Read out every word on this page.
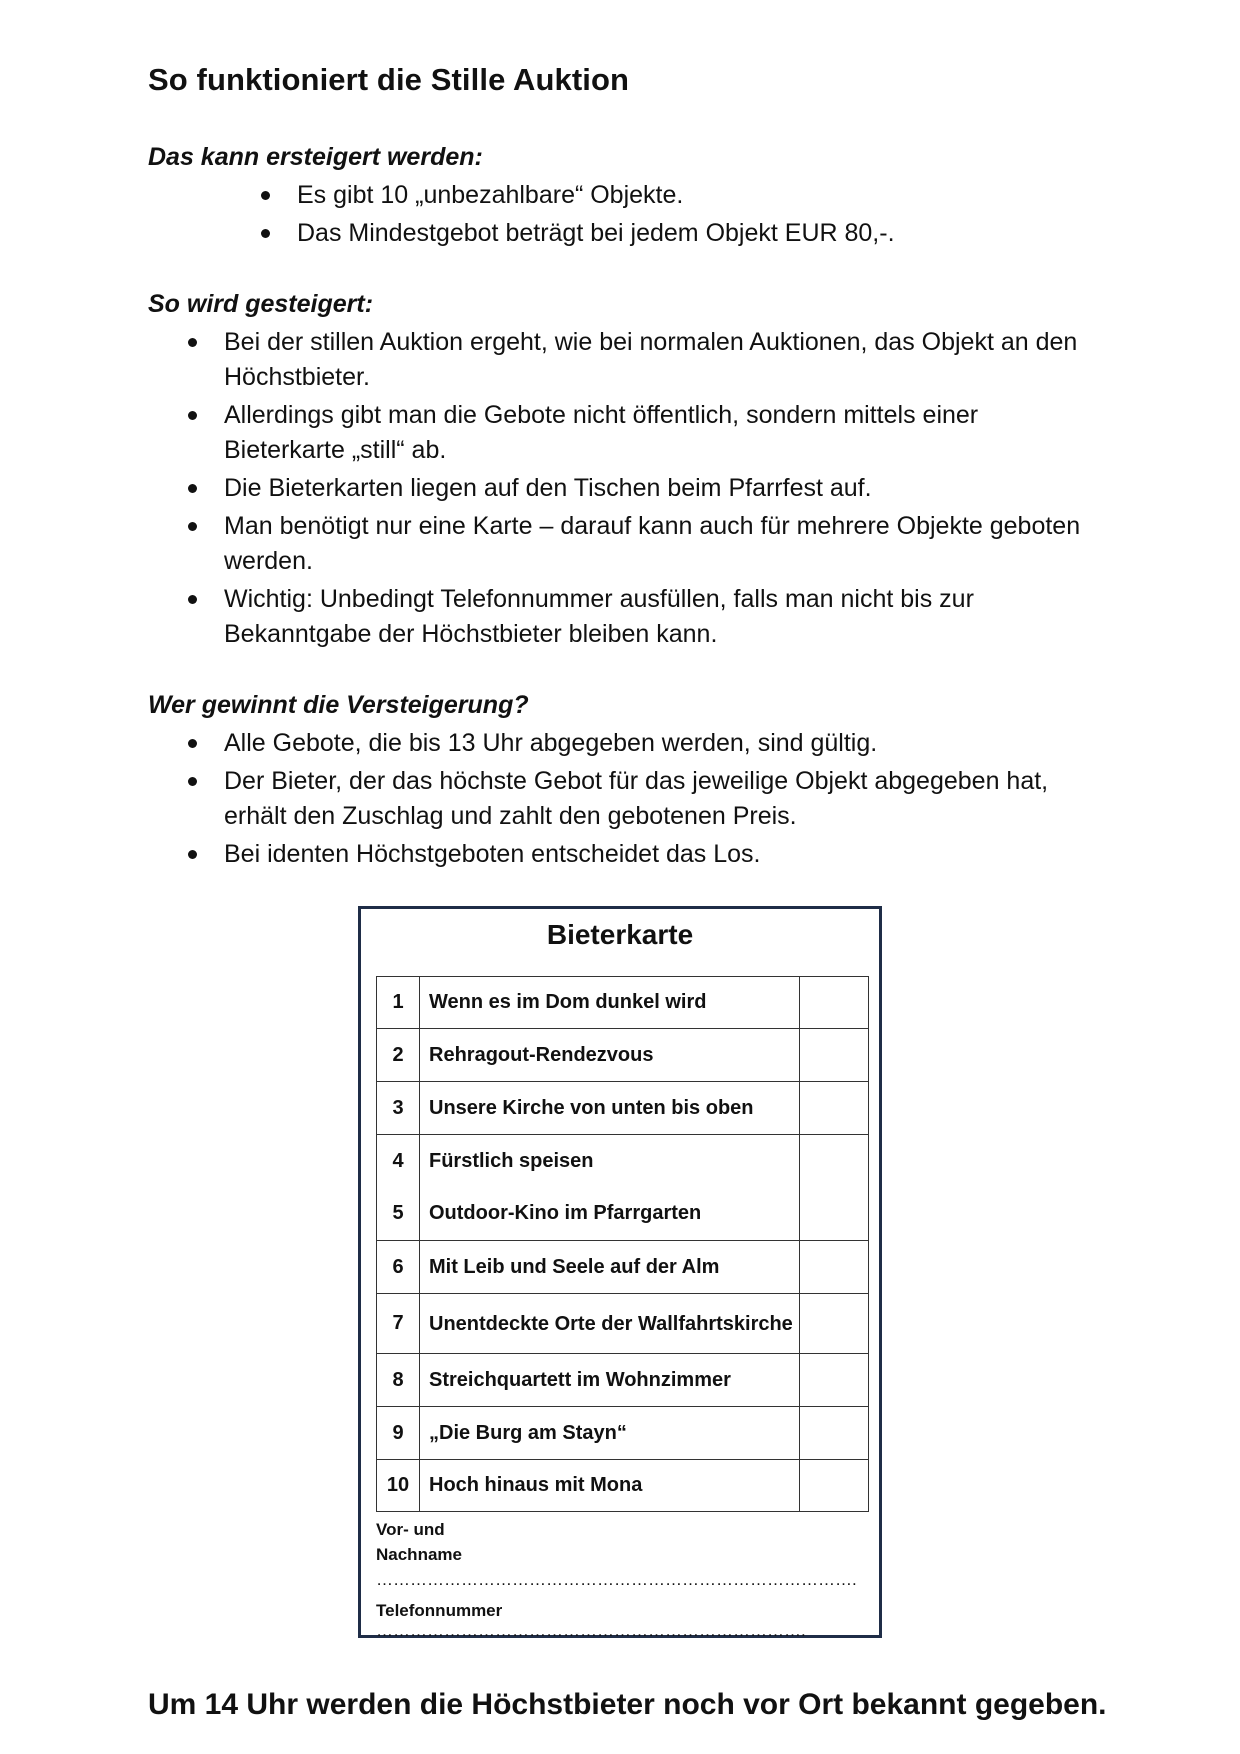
So funktioniert die Stille Auktion
Das kann ersteigert werden:
Es gibt 10 „unbezahlbare“ Objekte.
Das Mindestgebot beträgt bei jedem Objekt EUR 80,-.
So wird gesteigert:
Bei der stillen Auktion ergeht, wie bei normalen Auktionen, das Objekt an den Höchstbieter.
Allerdings gibt man die Gebote nicht öffentlich, sondern mittels einer Bieterkarte „still“ ab.
Die Bieterkarten liegen auf den Tischen beim Pfarrfest auf.
Man benötigt nur eine Karte – darauf kann auch für mehrere Objekte geboten werden.
Wichtig: Unbedingt Telefonnummer ausfüllen, falls man nicht bis zur Bekanntgabe der Höchstbieter bleiben kann.
Wer gewinnt die Versteigerung?
Alle Gebote, die bis 13 Uhr abgegeben werden, sind gültig.
Der Bieter, der das höchste Gebot für das jeweilige Objekt abgegeben hat, erhält den Zuschlag und zahlt den gebotenen Preis.
Bei identen Höchstgeboten entscheidet das Los.
Bieterkarte
1	Wenn es im Dom dunkel wird	
2	Rehragout-Rendezvous	
3	Unsere Kirche von unten bis oben	
4	Fürstlich speisen	
5	Outdoor-Kino im Pfarrgarten	
6	Mit Leib und Seele auf der Alm	
7	Unentdeckte Orte der Wallfahrtskirche	
8	Streichquartett im Wohnzimmer	
9	„Die Burg am Stayn“	
10	Hoch hinaus mit Mona	
Vor- und
Nachname ………………………………………………………………………….
Telefonnummer ………………………………………………………………….

Um 14 Uhr werden die Höchstbieter noch vor Ort bekannt gegeben.
